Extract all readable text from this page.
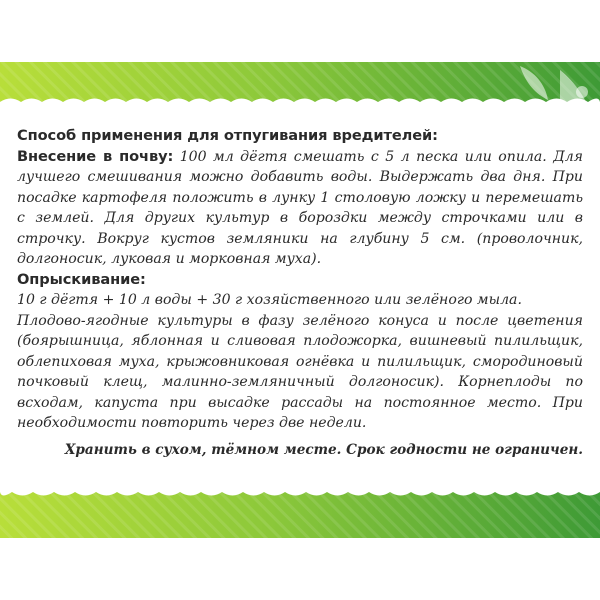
Способ применения для отпугивания вредителей:

Внесение в почву: 100 мл дёгтя смешать с 5 л песка или опила. Для лучшего смешивания можно добавить воды. Выдержать два дня. При посадке картофеля положить в лунку 1 столовую ложку и перемешать с землей. Для других культур в бороздки между строчками или в строчку. Вокруг кустов земляники на глубину 5 см. (проволочник, долгоносик, луковая и морковная муха).

Опрыскивание:

10 г дёгтя + 10 л воды + 30 г хозяйственного или зелёного мыла.

Плодово-ягодные культуры в фазу зелёного конуса и после цветения (боярышница, яблонная и сливовая плодожорка, вишневый пилильщик, облепиховая муха, крыжовниковая огнёвка и пилильщик, смородиновый почковый клещ, малинно-земляничный долгоносик). Корнеплоды по всходам, капуста при высадке рассады на постоянное место. При необходимости повторить через две недели.

Хранить в сухом, тёмном месте. Срок годности не ограничен.
